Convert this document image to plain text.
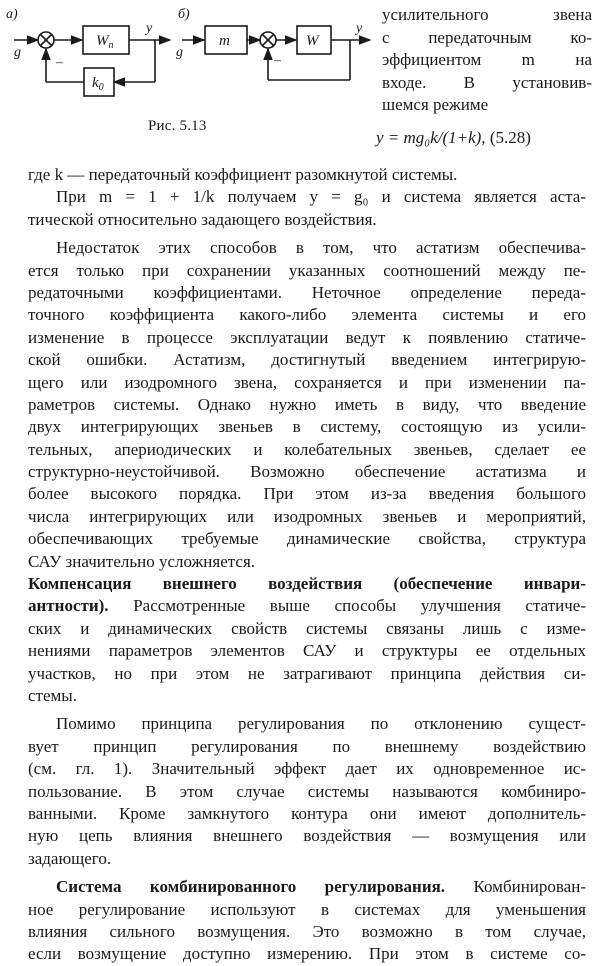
а)
g
y
$W_п$
$k_0$
–
б)
g
y
m	W
–
Рис. 5.13
усилительного звена
с передаточным ко-
эффициентом m на
входе. В установив-
шемся режиме
y = mg₀k/(1+k), (5.28)
где k — передаточный коэффициент разомкнутой системы.
При m = 1 + 1/k получаем y = g₀ и система является аста-
тической относительно задающего воздействия.
Недостаток этих способов в том, что астатизм обеспечива-
ется только при сохранении указанных соотношений между пе-
редаточными коэффициентами. Неточное определение переда-
точного коэффициента какого-либо элемента системы и его
изменение в процессе эксплуатации ведут к появлению статиче-
ской ошибки. Астатизм, достигнутый введением интегрирую-
щего или изодромного звена, сохраняется и при изменении па-
раметров системы. Однако нужно иметь в виду, что введение
двух интегрирующих звеньев в систему, состоящую из усили-
тельных, апериодических и колебательных звеньев, сделает ее
структурно-неустойчивой. Возможно обеспечение астатизма и
более высокого порядка. При этом из-за введения большого
числа интегрирующих или изодромных звеньев и мероприятий,
обеспечивающих требуемые динамические свойства, структура
САУ значительно усложняется.
Компенсация внешнего воздействия (обеспечение инвари-
антности). Рассмотренные выше способы улучшения статиче-
ских и динамических свойств системы связаны лишь с изме-
нениями параметров элементов САУ и структуры ее отдельных
участков, но при этом не затрагивают принципа действия си-
стемы.
Помимо принципа регулирования по отклонению сущест-
вует принцип регулирования по внешнему воздействию
(см. гл. 1). Значительный эффект дает их одновременное ис-
пользование. В этом случае системы называются комбиниро-
ванными. Кроме замкнутого контура они имеют дополнитель-
ную цепь влияния внешнего воздействия — возмущения или
задающего.
Система комбинированного регулирования. Комбинирован-
ное регулирование используют в системах для уменьшения
влияния сильного возмущения. Это возможно в том случае,
если возмущение доступно измерению. При этом в системе со-
